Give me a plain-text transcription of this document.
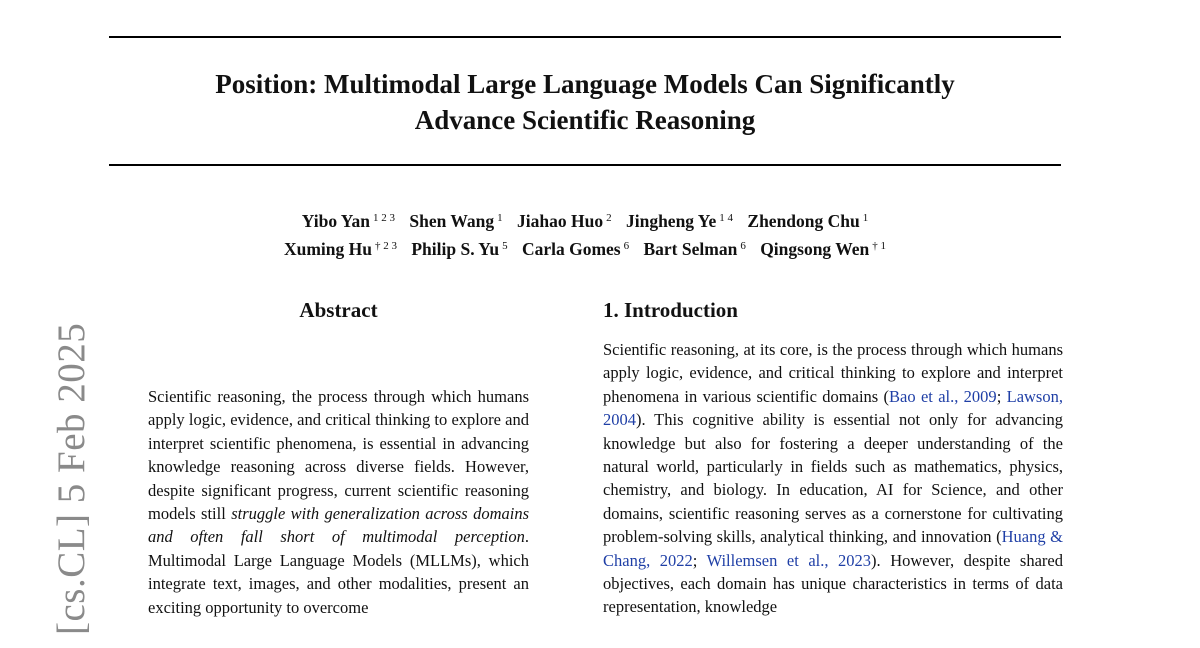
Position: Multimodal Large Language Models Can Significantly
Advance Scientific Reasoning
Yibo Yan $^{1 2 3}$ Shen Wang $^1$ Jiahao Huo $^2$ Jingheng Ye $^{1 4}$ Zhendong Chu $^1$
Xuming Hu $^{\dagger 2 3}$ Philip S. Yu $^5$ Carla Gomes $^6$ Bart Selman $^6$ Qingsong Wen $^{\dagger 1}$
[cs.CL] 5 Feb 2025
Abstract
Scientific reasoning, the process through which humans apply logic, evidence, and critical thinking to explore and interpret scientific phenomena, is essential in advancing knowledge reasoning across diverse fields. However, despite significant progress, current scientific reasoning models still struggle with generalization across domains and often fall short of multimodal perception. Multimodal Large Language Models (MLLMs), which integrate text, images, and other modalities, present an exciting opportunity to overcome
1. Introduction
Scientific reasoning, at its core, is the process through which humans apply logic, evidence, and critical thinking to explore and interpret phenomena in various scientific domains (Bao et al., 2009; Lawson, 2004). This cognitive ability is essential not only for advancing knowledge but also for fostering a deeper understanding of the natural world, particularly in fields such as mathematics, physics, chemistry, and biology. In education, AI for Science, and other domains, scientific reasoning serves as a cornerstone for cultivating problem-solving skills, analytical thinking, and innovation (Huang & Chang, 2022; Willemsen et al., 2023). However, despite shared objectives, each domain has unique characteristics in terms of data representation, knowledge
